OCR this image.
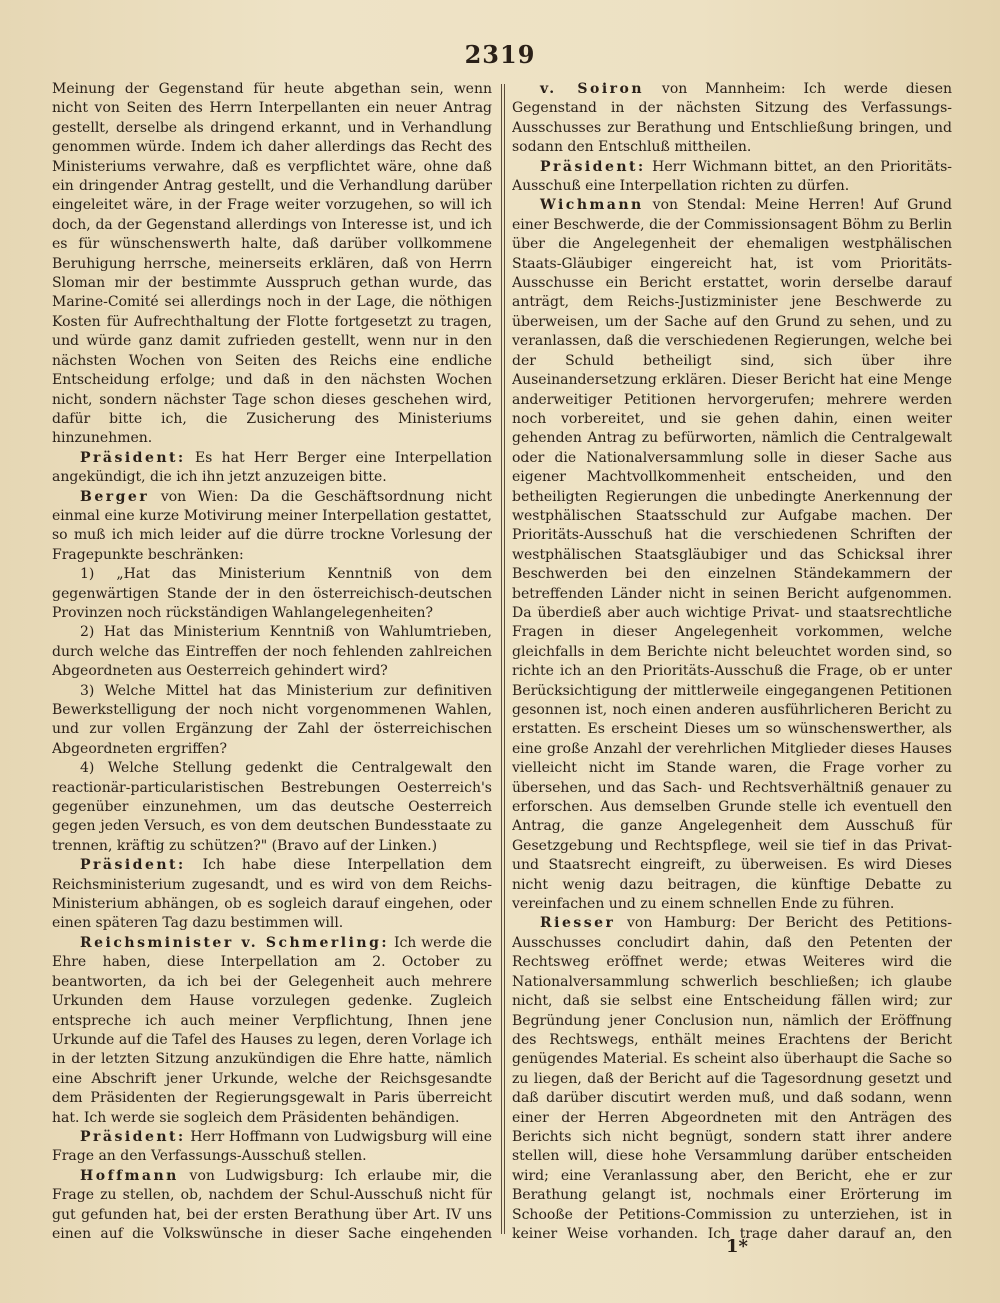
2319

Meinung der Gegenstand für heute abgethan sein, wenn nicht von Seiten des Herrn Interpellanten ein neuer Antrag gestellt, derselbe als dringend erkannt, und in Verhandlung genommen würde. Indem ich daher allerdings das Recht des Ministeriums verwahre, daß es verpflichtet wäre, ohne daß ein dringender Antrag gestellt, und die Verhandlung darüber eingeleitet wäre, in der Frage weiter vorzugehen, so will ich doch, da der Gegenstand allerdings von Interesse ist, und ich es für wünschenswerth halte, daß darüber vollkommene Beruhigung herrsche, meinerseits erklären, daß von Herrn Sloman mir der bestimmte Ausspruch gethan wurde, das Marine-Comité sei allerdings noch in der Lage, die nöthigen Kosten für Aufrechthaltung der Flotte fortgesetzt zu tragen, und würde ganz damit zufrieden gestellt, wenn nur in den nächsten Wochen von Seiten des Reichs eine endliche Entscheidung erfolge; und daß in den nächsten Wochen nicht, sondern nächster Tage schon dieses geschehen wird, dafür bitte ich, die Zusicherung des Ministeriums hinzunehmen.

Präsident: Es hat Herr Berger eine Interpellation angekündigt, die ich ihn jetzt anzuzeigen bitte.

Berger von Wien: Da die Geschäftsordnung nicht einmal eine kurze Motivirung meiner Interpellation gestattet, so muß ich mich leider auf die dürre trockne Vorlesung der Fragepunkte beschränken:

1) „Hat das Ministerium Kenntniß von dem gegenwärtigen Stande der in den österreichisch-deutschen Provinzen noch rückständigen Wahlangelegenheiten?

2) Hat das Ministerium Kenntniß von Wahlumtrieben, durch welche das Eintreffen der noch fehlenden zahlreichen Abgeordneten aus Oesterreich gehindert wird?

3) Welche Mittel hat das Ministerium zur definitiven Bewerkstelligung der noch nicht vorgenommenen Wahlen, und zur vollen Ergänzung der Zahl der österreichischen Abgeordneten ergriffen?

4) Welche Stellung gedenkt die Centralgewalt den reactionär-particularistischen Bestrebungen Oesterreich's gegenüber einzunehmen, um das deutsche Oesterreich gegen jeden Versuch, es von dem deutschen Bundesstaate zu trennen, kräftig zu schützen?" (Bravo auf der Linken.)

Präsident: Ich habe diese Interpellation dem Reichsministerium zugesandt, und es wird von dem Reichs-Ministerium abhängen, ob es sogleich darauf eingehen, oder einen späteren Tag dazu bestimmen will.

Reichsminister v. Schmerling: Ich werde die Ehre haben, diese Interpellation am 2. October zu beantworten, da ich bei der Gelegenheit auch mehrere Urkunden dem Hause vorzulegen gedenke. Zugleich entspreche ich auch meiner Verpflichtung, Ihnen jene Urkunde auf die Tafel des Hauses zu legen, deren Vorlage ich in der letzten Sitzung anzukündigen die Ehre hatte, nämlich eine Abschrift jener Urkunde, welche der Reichsgesandte dem Präsidenten der Regierungsgewalt in Paris überreicht hat. Ich werde sie sogleich dem Präsidenten behändigen.

Präsident: Herr Hoffmann von Ludwigsburg will eine Frage an den Verfassungs-Ausschuß stellen.

Hoffmann von Ludwigsburg: Ich erlaube mir, die Frage zu stellen, ob, nachdem der Schul-Ausschuß nicht für gut gefunden hat, bei der ersten Berathung über Art. IV uns einen auf die Volkswünsche in dieser Sache eingehenden

v. Soiron von Mannheim: Ich werde diesen Gegenstand in der nächsten Sitzung des Verfassungs-Ausschusses zur Berathung und Entschließung bringen, und sodann den Entschluß mittheilen.

Präsident: Herr Wichmann bittet, an den Prioritäts-Ausschuß eine Interpellation richten zu dürfen.

Wichmann von Stendal: Meine Herren! Auf Grund einer Beschwerde, die der Commissionsagent Böhm zu Berlin über die Angelegenheit der ehemaligen westphälischen Staats-Gläubiger eingereicht hat, ist vom Prioritäts-Ausschusse ein Bericht erstattet, worin derselbe darauf anträgt, dem Reichs-Justizminister jene Beschwerde zu überweisen, um der Sache auf den Grund zu sehen, und zu veranlassen, daß die verschiedenen Regierungen, welche bei der Schuld betheiligt sind, sich über ihre Auseinandersetzung erklären. Dieser Bericht hat eine Menge anderweitiger Petitionen hervorgerufen; mehrere werden noch vorbereitet, und sie gehen dahin, einen weiter gehenden Antrag zu befürworten, nämlich die Centralgewalt oder die Nationalversammlung solle in dieser Sache aus eigener Machtvollkommenheit entscheiden, und den betheiligten Regierungen die unbedingte Anerkennung der westphälischen Staatsschuld zur Aufgabe machen. Der Prioritäts-Ausschuß hat die verschiedenen Schriften der westphälischen Staatsgläubiger und das Schicksal ihrer Beschwerden bei den einzelnen Ständekammern der betreffenden Länder nicht in seinen Bericht aufgenommen. Da überdieß aber auch wichtige Privat- und staatsrechtliche Fragen in dieser Angelegenheit vorkommen, welche gleichfalls in dem Berichte nicht beleuchtet worden sind, so richte ich an den Prioritäts-Ausschuß die Frage, ob er unter Berücksichtigung der mittlerweile eingegangenen Petitionen gesonnen ist, noch einen anderen ausführlicheren Bericht zu erstatten. Es erscheint Dieses um so wünschenswerther, als eine große Anzahl der verehrlichen Mitglieder dieses Hauses vielleicht nicht im Stande waren, die Frage vorher zu übersehen, und das Sach- und Rechtsverhältniß genauer zu erforschen. Aus demselben Grunde stelle ich eventuell den Antrag, die ganze Angelegenheit dem Ausschuß für Gesetzgebung und Rechtspflege, weil sie tief in das Privat- und Staatsrecht eingreift, zu überweisen. Es wird Dieses nicht wenig dazu beitragen, die künftige Debatte zu vereinfachen und zu einem schnellen Ende zu führen.

Riesser von Hamburg: Der Bericht des Petitions-Ausschusses concludirt dahin, daß den Petenten der Rechtsweg eröffnet werde; etwas Weiteres wird die Nationalversammlung schwerlich beschließen; ich glaube nicht, daß sie selbst eine Entscheidung fällen wird; zur Begründung jener Conclusion nun, nämlich der Eröffnung des Rechtswegs, enthält meines Erachtens der Bericht genügendes Material. Es scheint also überhaupt die Sache so zu liegen, daß der Bericht auf die Tagesordnung gesetzt und daß darüber discutirt werden muß, und daß sodann, wenn einer der Herren Abgeordneten mit den Anträgen des Berichts sich nicht begnügt, sondern statt ihrer andere stellen will, diese hohe Versammlung darüber entscheiden wird; eine Veranlassung aber, den Bericht, ehe er zur Berathung gelangt ist, nochmals einer Erörterung im Schooße der Petitions-Commission zu unterziehen, ist in keiner Weise vorhanden. Ich trage daher darauf an, den

1*
